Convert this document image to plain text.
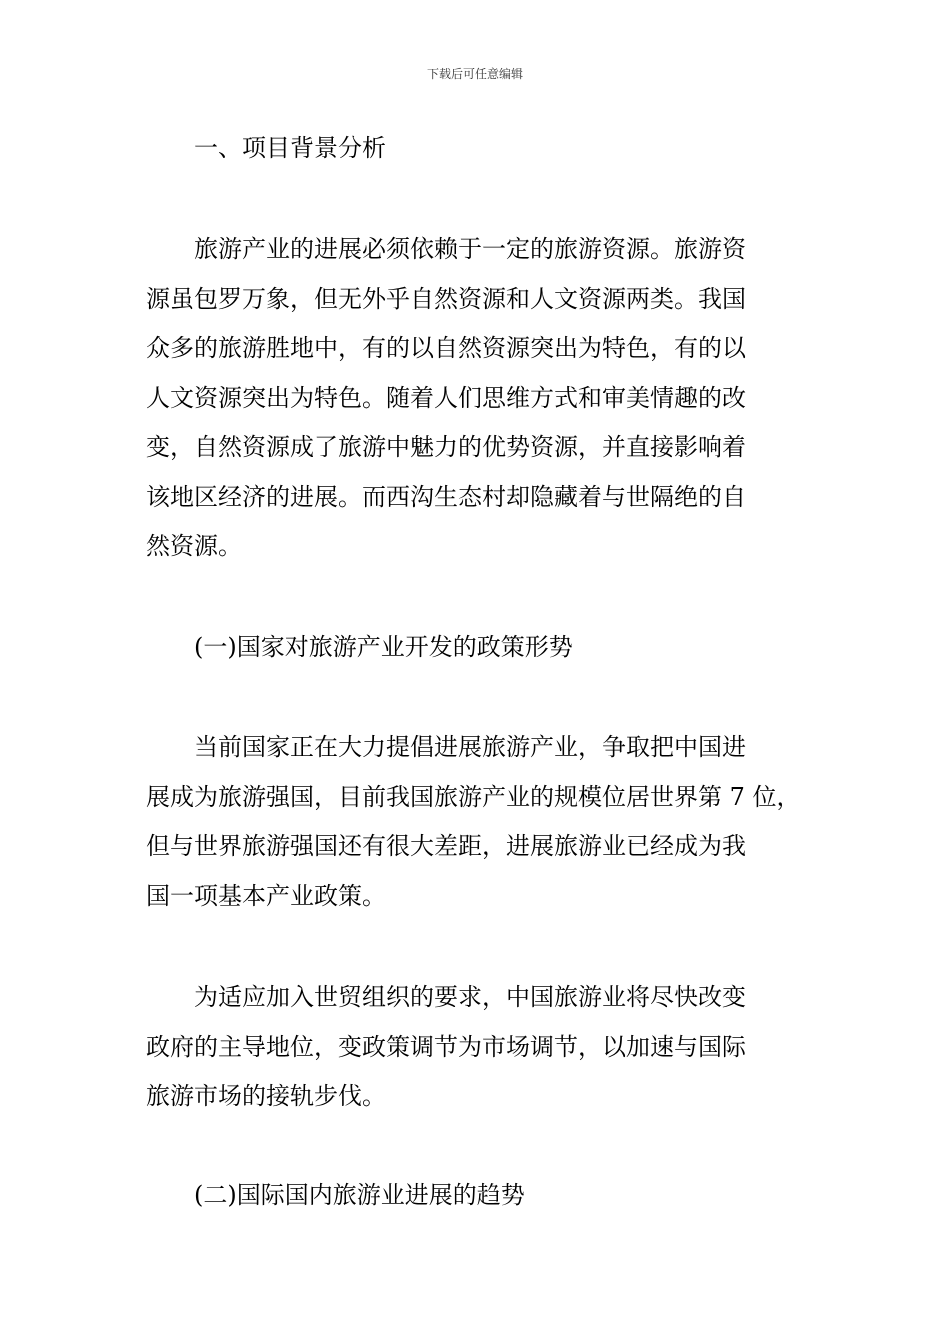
下载后可任意编辑
一、项目背景分析
旅游产业的进展必须依赖于一定的旅游资源。旅游资
源虽包罗万象，但无外乎自然资源和人文资源两类。我国
众多的旅游胜地中，有的以自然资源突出为特色，有的以
人文资源突出为特色。随着人们思维方式和审美情趣的改
变，自然资源成了旅游中魅力的优势资源，并直接影响着
该地区经济的进展。而西沟生态村却隐藏着与世隔绝的自
然资源。
(一)国家对旅游产业开发的政策形势
当前国家正在大力提倡进展旅游产业，争取把中国进
展成为旅游强国，目前我国旅游产业的规模位居世界第 7 位，
但与世界旅游强国还有很大差距，进展旅游业已经成为我
国一项基本产业政策。
为适应加入世贸组织的要求，中国旅游业将尽快改变
政府的主导地位，变政策调节为市场调节，以加速与国际
旅游市场的接轨步伐。
(二)国际国内旅游业进展的趋势
